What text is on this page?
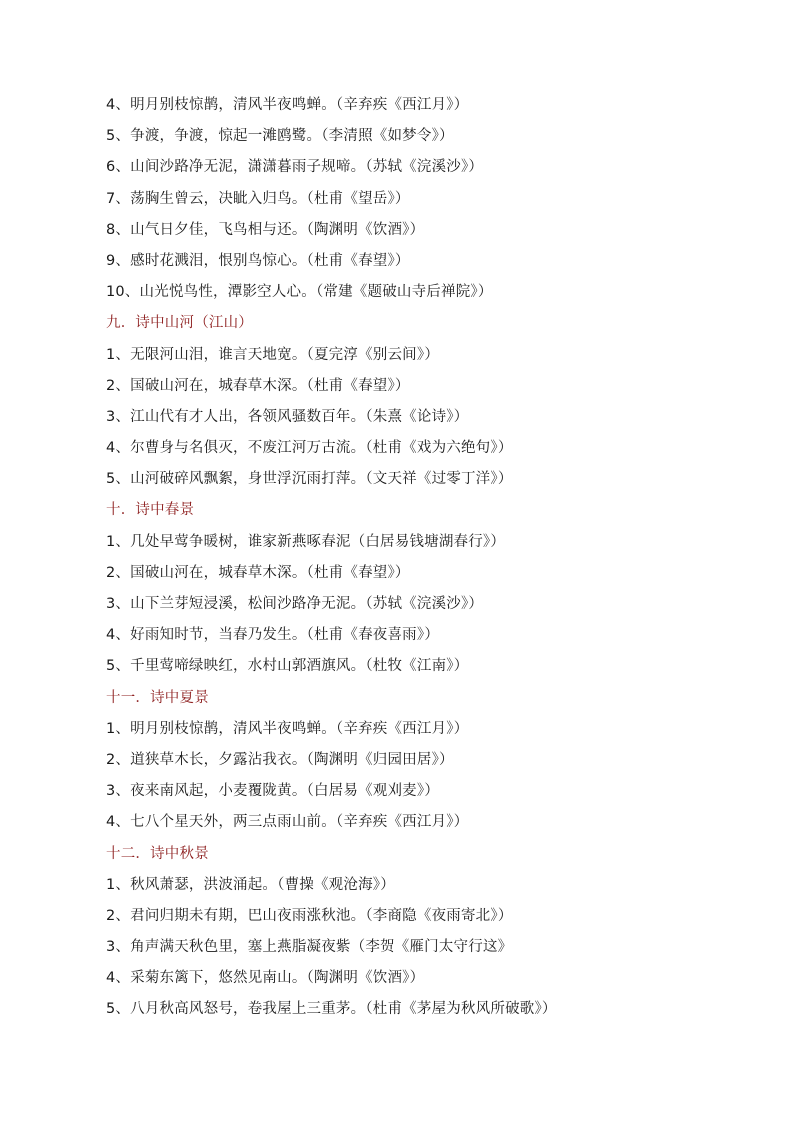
4、明月别枝惊鹊，清风半夜鸣蝉。（辛弃疾《西江月》）
5、争渡，争渡，惊起一滩鸥鹭。（李清照《如梦令》）
6、山间沙路净无泥，潇潇暮雨子规啼。（苏轼《浣溪沙》）
7、荡胸生曾云，决眦入归鸟。（杜甫《望岳》）
8、山气日夕佳，飞鸟相与还。（陶渊明《饮酒》）
9、感时花溅泪，恨别鸟惊心。（杜甫《春望》）
10、山光悦鸟性，潭影空人心。（常建《题破山寺后禅院》）
九．诗中山河（江山）
1、无限河山泪，谁言天地宽。（夏完淳《别云间》）
2、国破山河在，城春草木深。（杜甫《春望》）
3、江山代有才人出，各领风骚数百年。（朱熹《论诗》）
4、尔曹身与名俱灭，不废江河万古流。（杜甫《戏为六绝句》）
5、山河破碎风飘絮，身世浮沉雨打萍。（文天祥《过零丁洋》）
十．诗中春景
1、几处早莺争暖树，谁家新燕啄春泥（白居易钱塘湖春行》）
2、国破山河在，城春草木深。（杜甫《春望》）
3、山下兰芽短浸溪，松间沙路净无泥。（苏轼《浣溪沙》）
4、好雨知时节，当春乃发生。（杜甫《春夜喜雨》）
5、千里莺啼绿映红，水村山郭酒旗风。（杜牧《江南》）
十一．诗中夏景
1、明月别枝惊鹊，清风半夜鸣蝉。（辛弃疾《西江月》）
2、道狭草木长，夕露沾我衣。（陶渊明《归园田居》）
3、夜来南风起，小麦覆陇黄。（白居易《观刈麦》）
4、七八个星天外，两三点雨山前。（辛弃疾《西江月》）
十二．诗中秋景
1、秋风萧瑟，洪波涌起。（曹操《观沧海》）
2、君问归期未有期，巴山夜雨涨秋池。（李商隐《夜雨寄北》）
3、角声满天秋色里，塞上燕脂凝夜紫（李贺《雁门太守行这》
4、采菊东篱下，悠然见南山。（陶渊明《饮酒》）
5、八月秋高风怒号，卷我屋上三重茅。（杜甫《茅屋为秋风所破歌》）
